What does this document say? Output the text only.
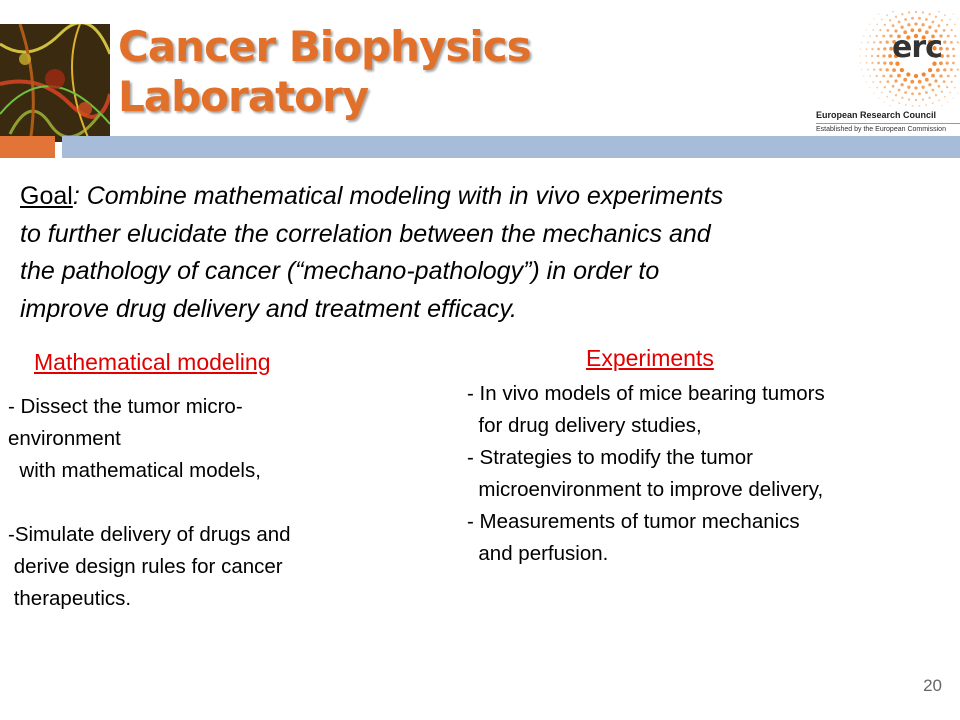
Cancer Biophysics
Laboratory
erc
European Research Council
Established by the European Commission
Goal: Combine mathematical modeling with in vivo experiments
to further elucidate the correlation between the mechanics and
the pathology of cancer (“mechano-pathology”) in order to
improve drug delivery and treatment efficacy.
Mathematical modeling
- Dissect the tumor micro-
environment
with mathematical models,
-Simulate delivery of drugs and
derive design rules for cancer
therapeutics.
Experiments
- In vivo models of mice bearing tumors
for drug delivery studies,
- Strategies to modify the tumor
microenvironment to improve delivery,
- Measurements of tumor mechanics
and perfusion.
20
